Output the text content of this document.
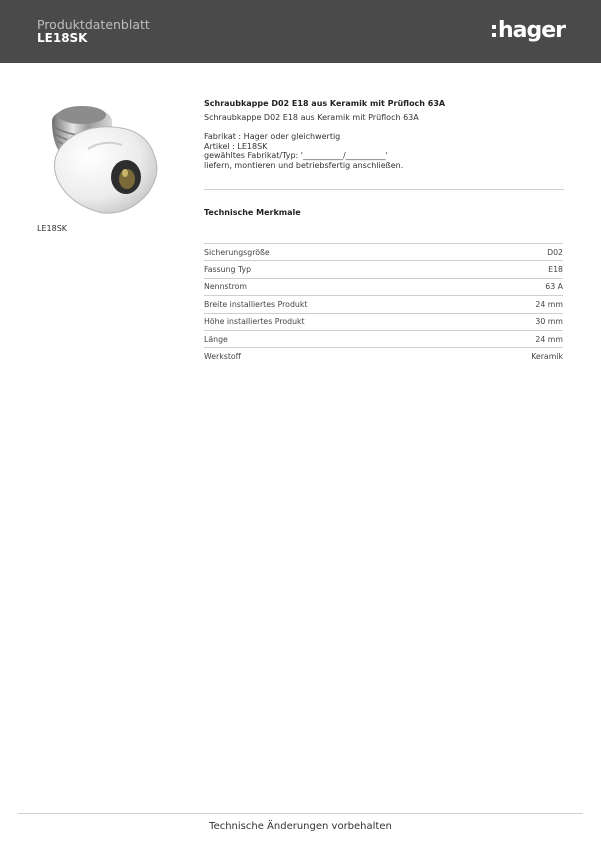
Produktdatenblatt
LE18SK	hager
LE18SK
Schraubkappe D02 E18 aus Keramik mit Prüfloch 63A
Schraubkappe D02 E18 aus Keramik mit Prüfloch 63A
Fabrikat : Hager oder gleichwertig
Artikel : LE18SK
gewähltes Fabrikat/Typ: '__________/__________'
liefern, montieren und betriebsfertig anschließen.
Technische Merkmale
Sicherungsgröße	D02
Fassung Typ	E18
Nennstrom	63 A
Breite installiertes Produkt	24 mm
Höhe installiertes Produkt	30 mm
Länge	24 mm
Werkstoff	Keramik
Technische Änderungen vorbehalten
